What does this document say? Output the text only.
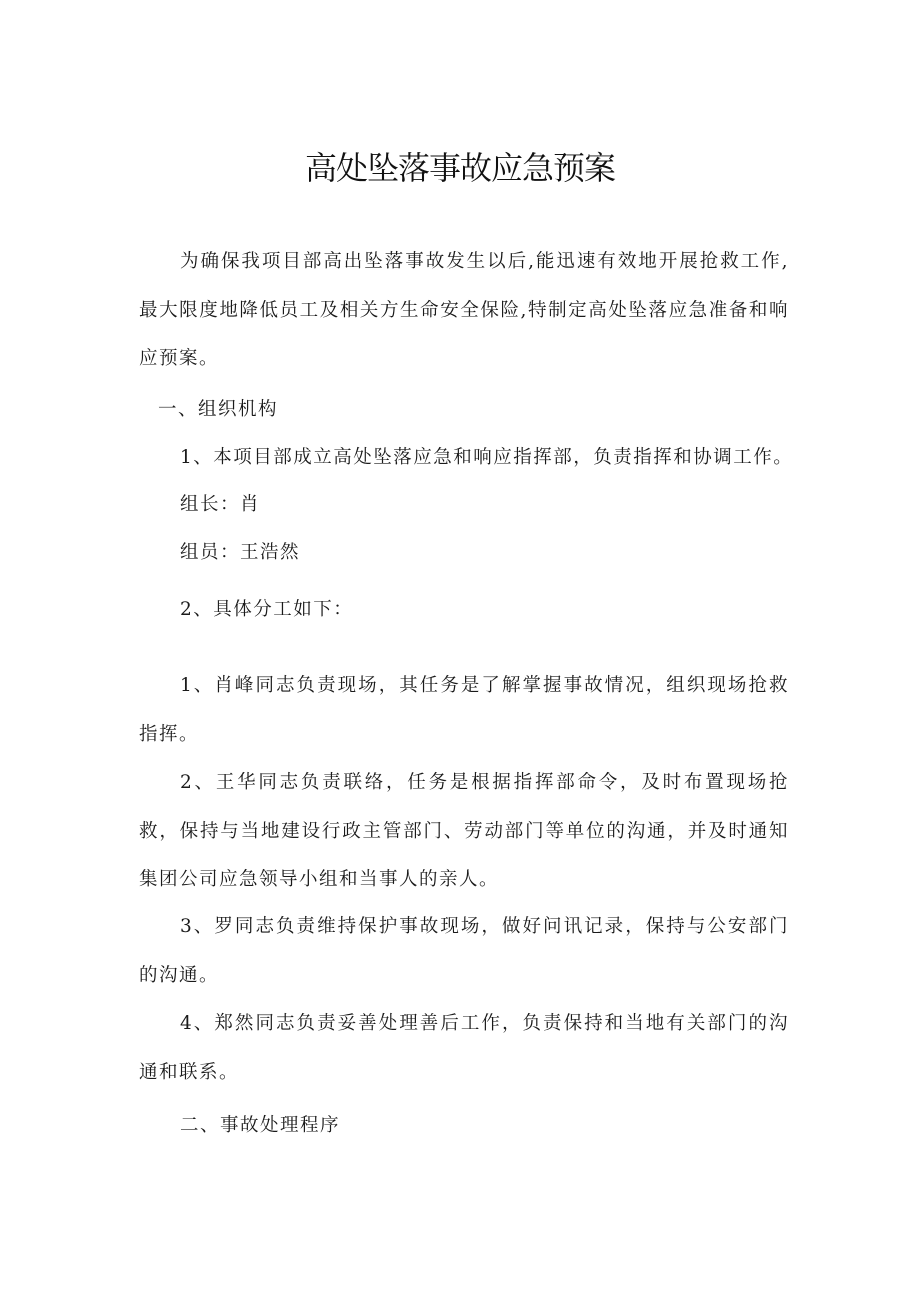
高处坠落事故应急预案

为确保我项目部高出坠落事故发生以后,能迅速有效地开展抢救工作,最大限度地降低员工及相关方生命安全保险,特制定高处坠落应急准备和响应预案。

一、组织机构

1、本项目部成立高处坠落应急和响应指挥部，负责指挥和协调工作。

组长：肖

组员：王浩然

2、具体分工如下：

1、肖峰同志负责现场，其任务是了解掌握事故情况，组织现场抢救指挥。

2、王华同志负责联络，任务是根据指挥部命令，及时布置现场抢救，保持与当地建设行政主管部门、劳动部门等单位的沟通，并及时通知集团公司应急领导小组和当事人的亲人。

3、罗同志负责维持保护事故现场，做好问讯记录，保持与公安部门的沟通。

4、郑然同志负责妥善处理善后工作，负责保持和当地有关部门的沟通和联系。

二、事故处理程序
